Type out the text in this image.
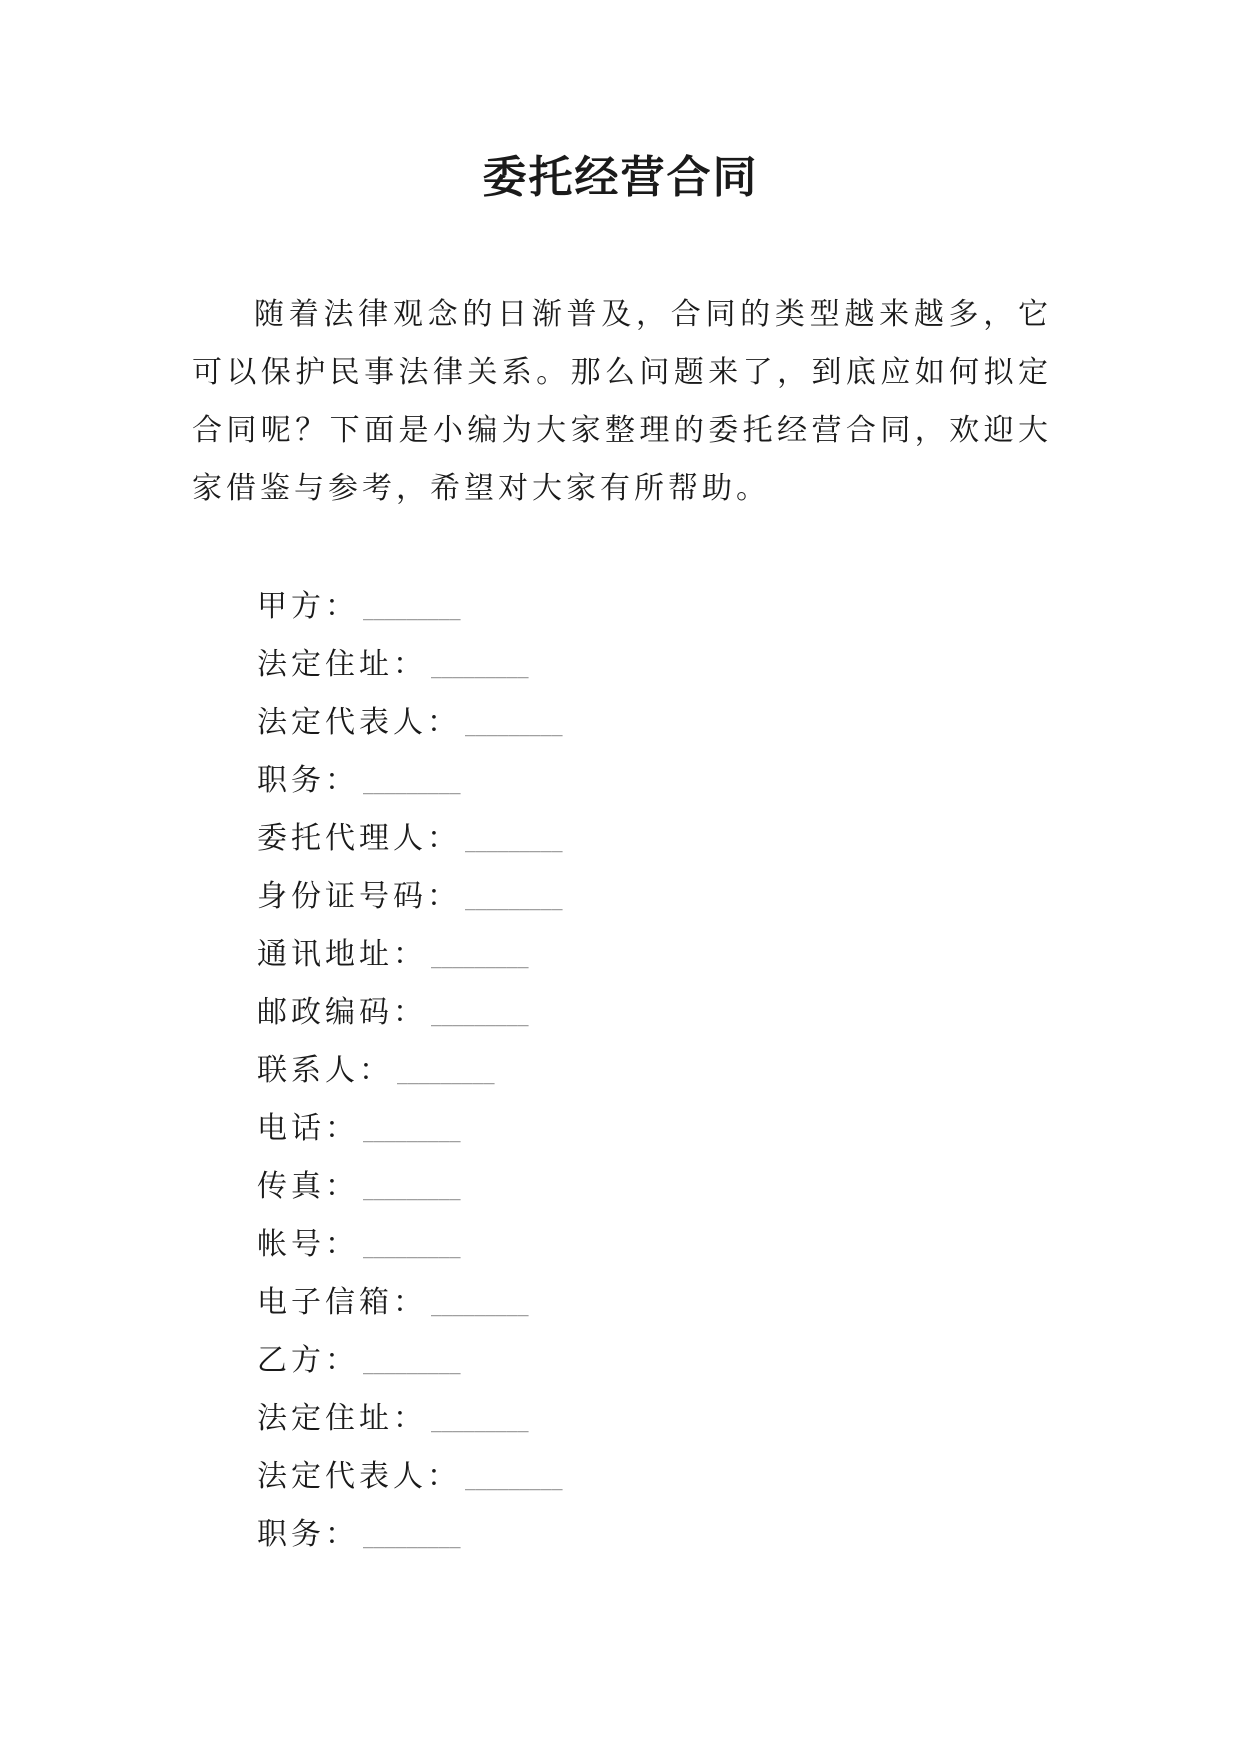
委托经营合同

随着法律观念的日渐普及，合同的类型越来越多，它可以保护民事法律关系。那么问题来了，到底应如何拟定合同呢？下面是小编为大家整理的委托经营合同，欢迎大家借鉴与参考，希望对大家有所帮助。

甲方： _________
法定住址： _________
法定代表人： _________
职务： _________
委托代理人： _________
身份证号码： _________
通讯地址： _________
邮政编码： _________
联系人： _________
电话： _________
传真： _________
帐号： _________
电子信箱： _________
乙方： _________
法定住址： _________
法定代表人： _________
职务： _________
